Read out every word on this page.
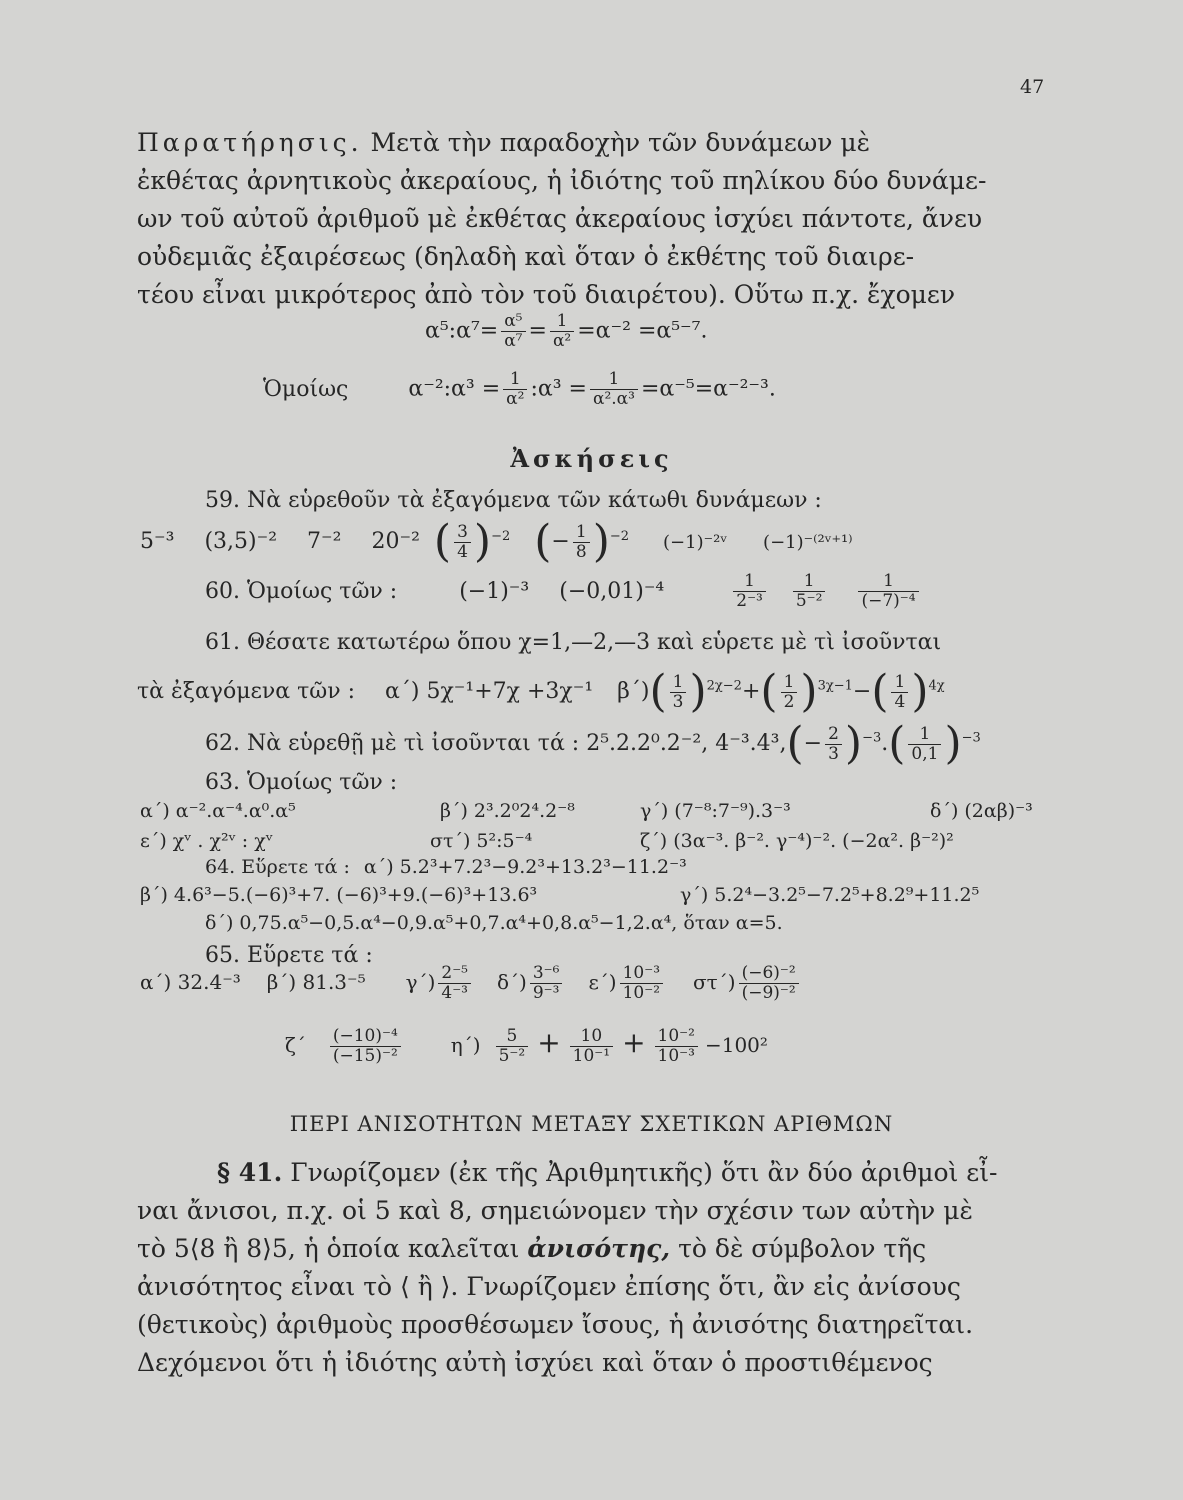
47
Παρατήρησις. Μετὰ τὴν παραδοχὴν τῶν δυνάμεων μὲ
ἐκθέτας ἀρνητικοὺς ἀκεραίους, ἡ ἰδιότης τοῦ πηλίκου δύο δυνάμε-
ων τοῦ αὐτοῦ ἀριθμοῦ μὲ ἐκθέτας ἀκεραίους ἰσχύει πάντοτε, ἄνευ
οὐδεμιᾶς ἐξαιρέσεως (δηλαδὴ καὶ ὅταν ὁ ἐκθέτης τοῦ διαιρε-
τέου εἶναι μικρότερος ἀπὸ τὸν τοῦ διαιρέτου). Οὕτω π.χ. ἔχομεν
α⁵:α⁷= $\frac{\text{α⁵}}{\text{α⁷}} = \frac{1}{\text{α²}} =\alpha^{-2} =\alpha^{5-7}$.
Ὁμοίως	α⁻²:α³ = $\frac{1}{\text{α²}}$ :α³ = $\frac{1}{\text{α².α³}} =\alpha^{-5}=\alpha^{-2-3}$.
Ἀσκήσεις
59. Νὰ εὑρεθοῦν τὰ ἐξαγόμενα τῶν κάτωθι δυνάμεων :
5⁻³ (3,5)⁻² 7⁻² 20⁻² ( $\frac{3}{4} )^{-2}$ (− $\frac{1}{8} )^{-2}$ (−1)⁻²ᵛ (−1)⁻⁽²ᵛ⁺¹⁾
60. Ὁμοίως τῶν :	(−1)⁻³ (−0,01)⁻⁴	$\frac{1}{\text{2⁻³}} \frac{1}{\text{5⁻²}} \frac{1}{\text{(−7)⁻⁴}}$
61. Θέσατε κατωτέρω ὅπου χ=1,—2,—3 καὶ εὑρετε μὲ τὶ ἰσοῦνται
τὰ ἐξαγόμενα τῶν : α΄) 5χ⁻¹+7χ +3χ⁻¹ $\beta΄)( \frac{1}{3} )^{2\chi-2}+( \frac{1}{2} )^{3\chi-1}-( \frac{1}{4} )^{4\chi}$
62. Νὰ εὑρεθῇ μὲ τὶ ἰσοῦνται τά : 2⁵.2.2⁰.2⁻², $4^{-3}.4^3,(- \frac{2}{3} )^{-3}.( \frac{1}{0,1} )^{-3}$
63. Ὁμοίως τῶν :
α΄) α⁻².α⁻⁴.α⁰.α⁵	β΄) 2³.2⁰2⁴.2⁻⁸	γ΄) (7⁻⁸:7⁻⁹).3⁻³	δ΄) (2αβ)⁻³
ε΄) χᵛ . χ²ᵛ : χᵛ	στ΄) 5²:5⁻⁴	ζ΄) (3α⁻³. β⁻². γ⁻⁴)⁻². (−2α². β⁻²)²
64. Εὕρετε τά : α΄) 5.2³+7.2³−9.2³+13.2³−11.2⁻³
β΄) 4.6³−5.(−6)³+7. (−6)³+9.(−6)³+13.6³	γ΄) 5.2⁴−3.2⁵−7.2⁵+8.2⁹+11.2⁵
δ΄) 0,75.α⁵−0,5.α⁴−0,9.α⁵+0,7.α⁴+0,8.α⁵−1,2.α⁴, ὅταν α=5.
65. Εὕρετε τά :
α΄) 32.4⁻³ β΄) 81.3⁻⁵ $\gamma΄) \frac{\text{2⁻⁵}}{\text{4⁻³}} \delta΄) \frac{\text{3⁻⁶}}{\text{9⁻³}} \varepsilon΄) \frac{\text{10⁻³}}{\text{10⁻²}} \sigma\tau΄) \frac{\text{(−6)⁻²}}{\text{(−9)⁻²}}$
$\zeta΄ \frac{\text{(−10)⁻⁴}}{\text{(−15)⁻²}}$	$\eta΄) \frac{5}{\text{5⁻²}} + \frac{10}{\text{10⁻¹}} + \frac{\text{10⁻²}}{\text{10⁻³}} -100^2$
ΠΕΡΙ ΑΝΙΣΟΤΗΤΩΝ ΜΕΤΑΞΥ ΣΧΕΤΙΚΩΝ ΑΡΙΘΜΩΝ
§ 41. Γνωρίζομεν (ἐκ τῆς Ἀριθμητικῆς) ὅτι ἂν δύο ἀριθμοὶ εἶ-
ναι ἄνισοι, π.χ. οἱ 5 καὶ 8, σημειώνομεν τὴν σχέσιν των αὐτὴν μὲ
τὸ 5⟨8 ἢ 8⟩5, ἡ ὁποία καλεῖται ἀνισότης, τὸ δὲ σύμβολον τῆς
ἀνισότητος εἶναι τὸ ⟨ ἢ ⟩. Γνωρίζομεν ἐπίσης ὅτι, ἂν εἰς ἀνίσους
(θετικοὺς) ἀριθμοὺς προσθέσωμεν ἴσους, ἡ ἀνισότης διατηρεῖται.
Δεχόμενοι ὅτι ἡ ἰδιότης αὐτὴ ἰσχύει καὶ ὅταν ὁ προστιθέμενος
